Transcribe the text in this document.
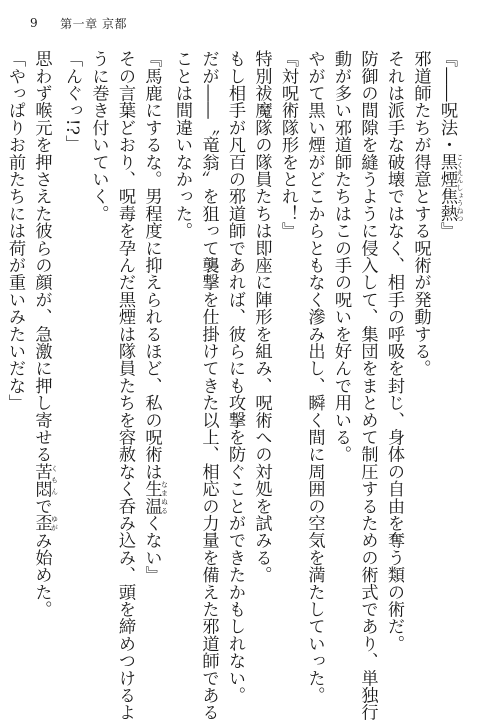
9 第一章 京都
『――呪法・黒煙焦熱 こくえんしょうねつ』
邪道師たちが得意とする呪術が発動する。
それは派手な破壊ではなく、相手の呼吸を封じ、身体の自由を奪う類の術だ。
防御の間隙を縫うように侵入して、集団をまとめて制圧するための術式であり、単独行
動が多い邪道師たちはこの手の呪いを好んで用いる。
やがて黒い煙がどこからともなく滲み出し、瞬く間に周囲の空気を満たしていった。
『対呪術隊形をとれ！』
特別祓魔隊の隊員たちは即座に陣形を組み、呪術への対処を試みる。
もし相手が凡百の邪道師であれば、彼らにも攻撃を防ぐことができたかもしれない。
だが――〝竜翁〟を狙って襲撃を仕掛けてきた以上、相応の力量を備えた邪道師である
ことは間違いなかった。
『馬鹿にするな。男程度に抑えられるほど、私の呪術は生温 なまぬるくない』
その言葉どおり、呪毒を孕んだ黒煙は隊員たちを容赦なく呑み込み、頭を締めつけるよ
うに巻き付いていく。
「んぐっ!?」
思わず喉元を押さえた彼らの顔が、急激に押し寄せる苦悶 くもんで歪 ゆがみ始めた。
「やっぱりお前たちには荷が重いみたいだな」
